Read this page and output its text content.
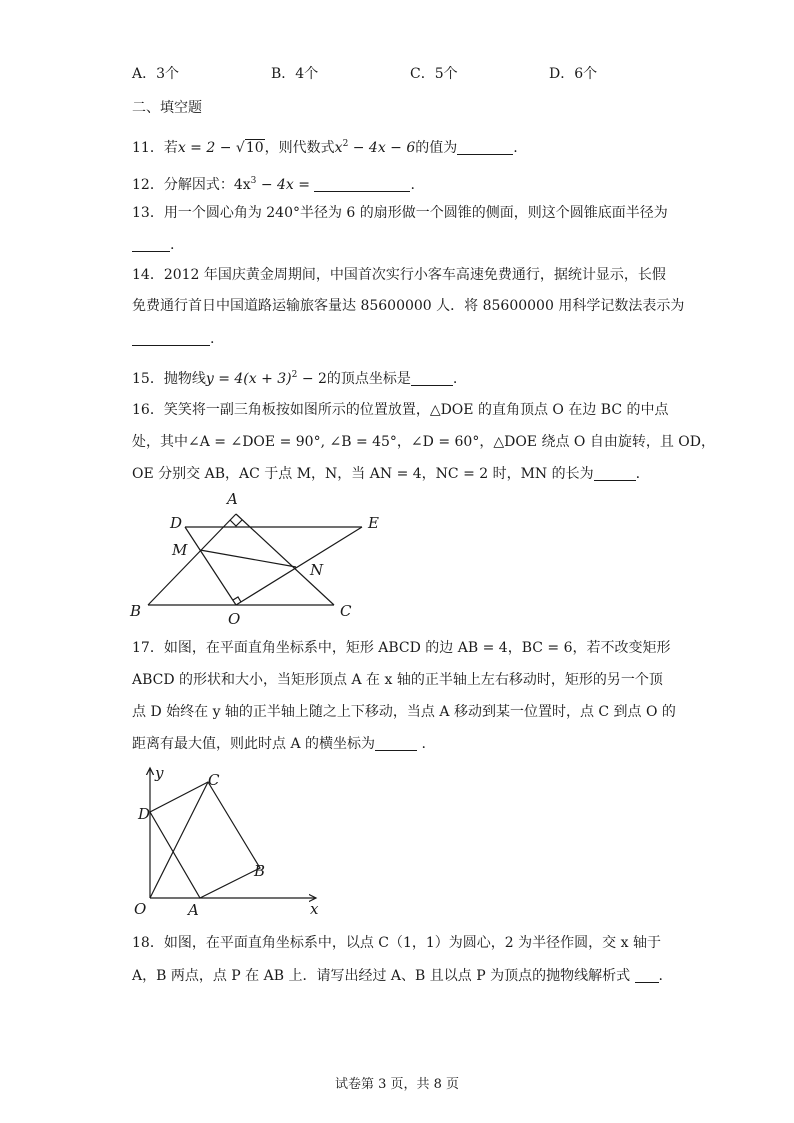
A．3个	B．4个	C．5个	D．6个
二、填空题
11．若x = 2 − √10，则代数式$x^2 - 4x - 6$的值为	.
12．分解因式：$4x^3 - 4x$ =	.
13．用一个圆心角为 240°半径为 6 的扇形做一个圆锥的侧面，则这个圆锥底面半径为
.
14．2012 年国庆黄金周期间，中国首次实行小客车高速免费通行，据统计显示，长假
免费通行首日中国道路运输旅客量达 85600000 人．将 85600000 用科学记数法表示为
.
15．抛物线$y = 4(x + 3)^2 - 2$的顶点坐标是	.
16．笑笑将一副三角板按如图所示的位置放置，△DOE 的直角顶点 O 在边 BC 的中点
处，其中∠A = ∠DOE = 90°, ∠B = 45°，∠D = 60°，△DOE 绕点 O 自由旋转，且 OD，
OE 分别交 AB，AC 于点 M，N，当 AN = 4，NC = 2 时，MN 的长为	.
A
D	E
M
N
B	O	C
17．如图，在平面直角坐标系中，矩形 ABCD 的边 AB = 4，BC = 6，若不改变矩形
ABCD 的形状和大小，当矩形顶点 A 在 x 轴的正半轴上左右移动时，矩形的另一个顶
点 D 始终在 y 轴的正半轴上随之上下移动，当点 A 移动到某一位置时，点 C 到点 O 的
距离有最大值，则此时点 A 的横坐标为	.
y
x
O	A
B
C
D
18．如图，在平面直角坐标系中，以点 C（1，1）为圆心，2 为半径作圆，交 x 轴于
A，B 两点，点 P 在 AB 上．请写出经过 A、B 且以点 P 为顶点的抛物线解析式 .
试卷第 3 页，共 8 页
